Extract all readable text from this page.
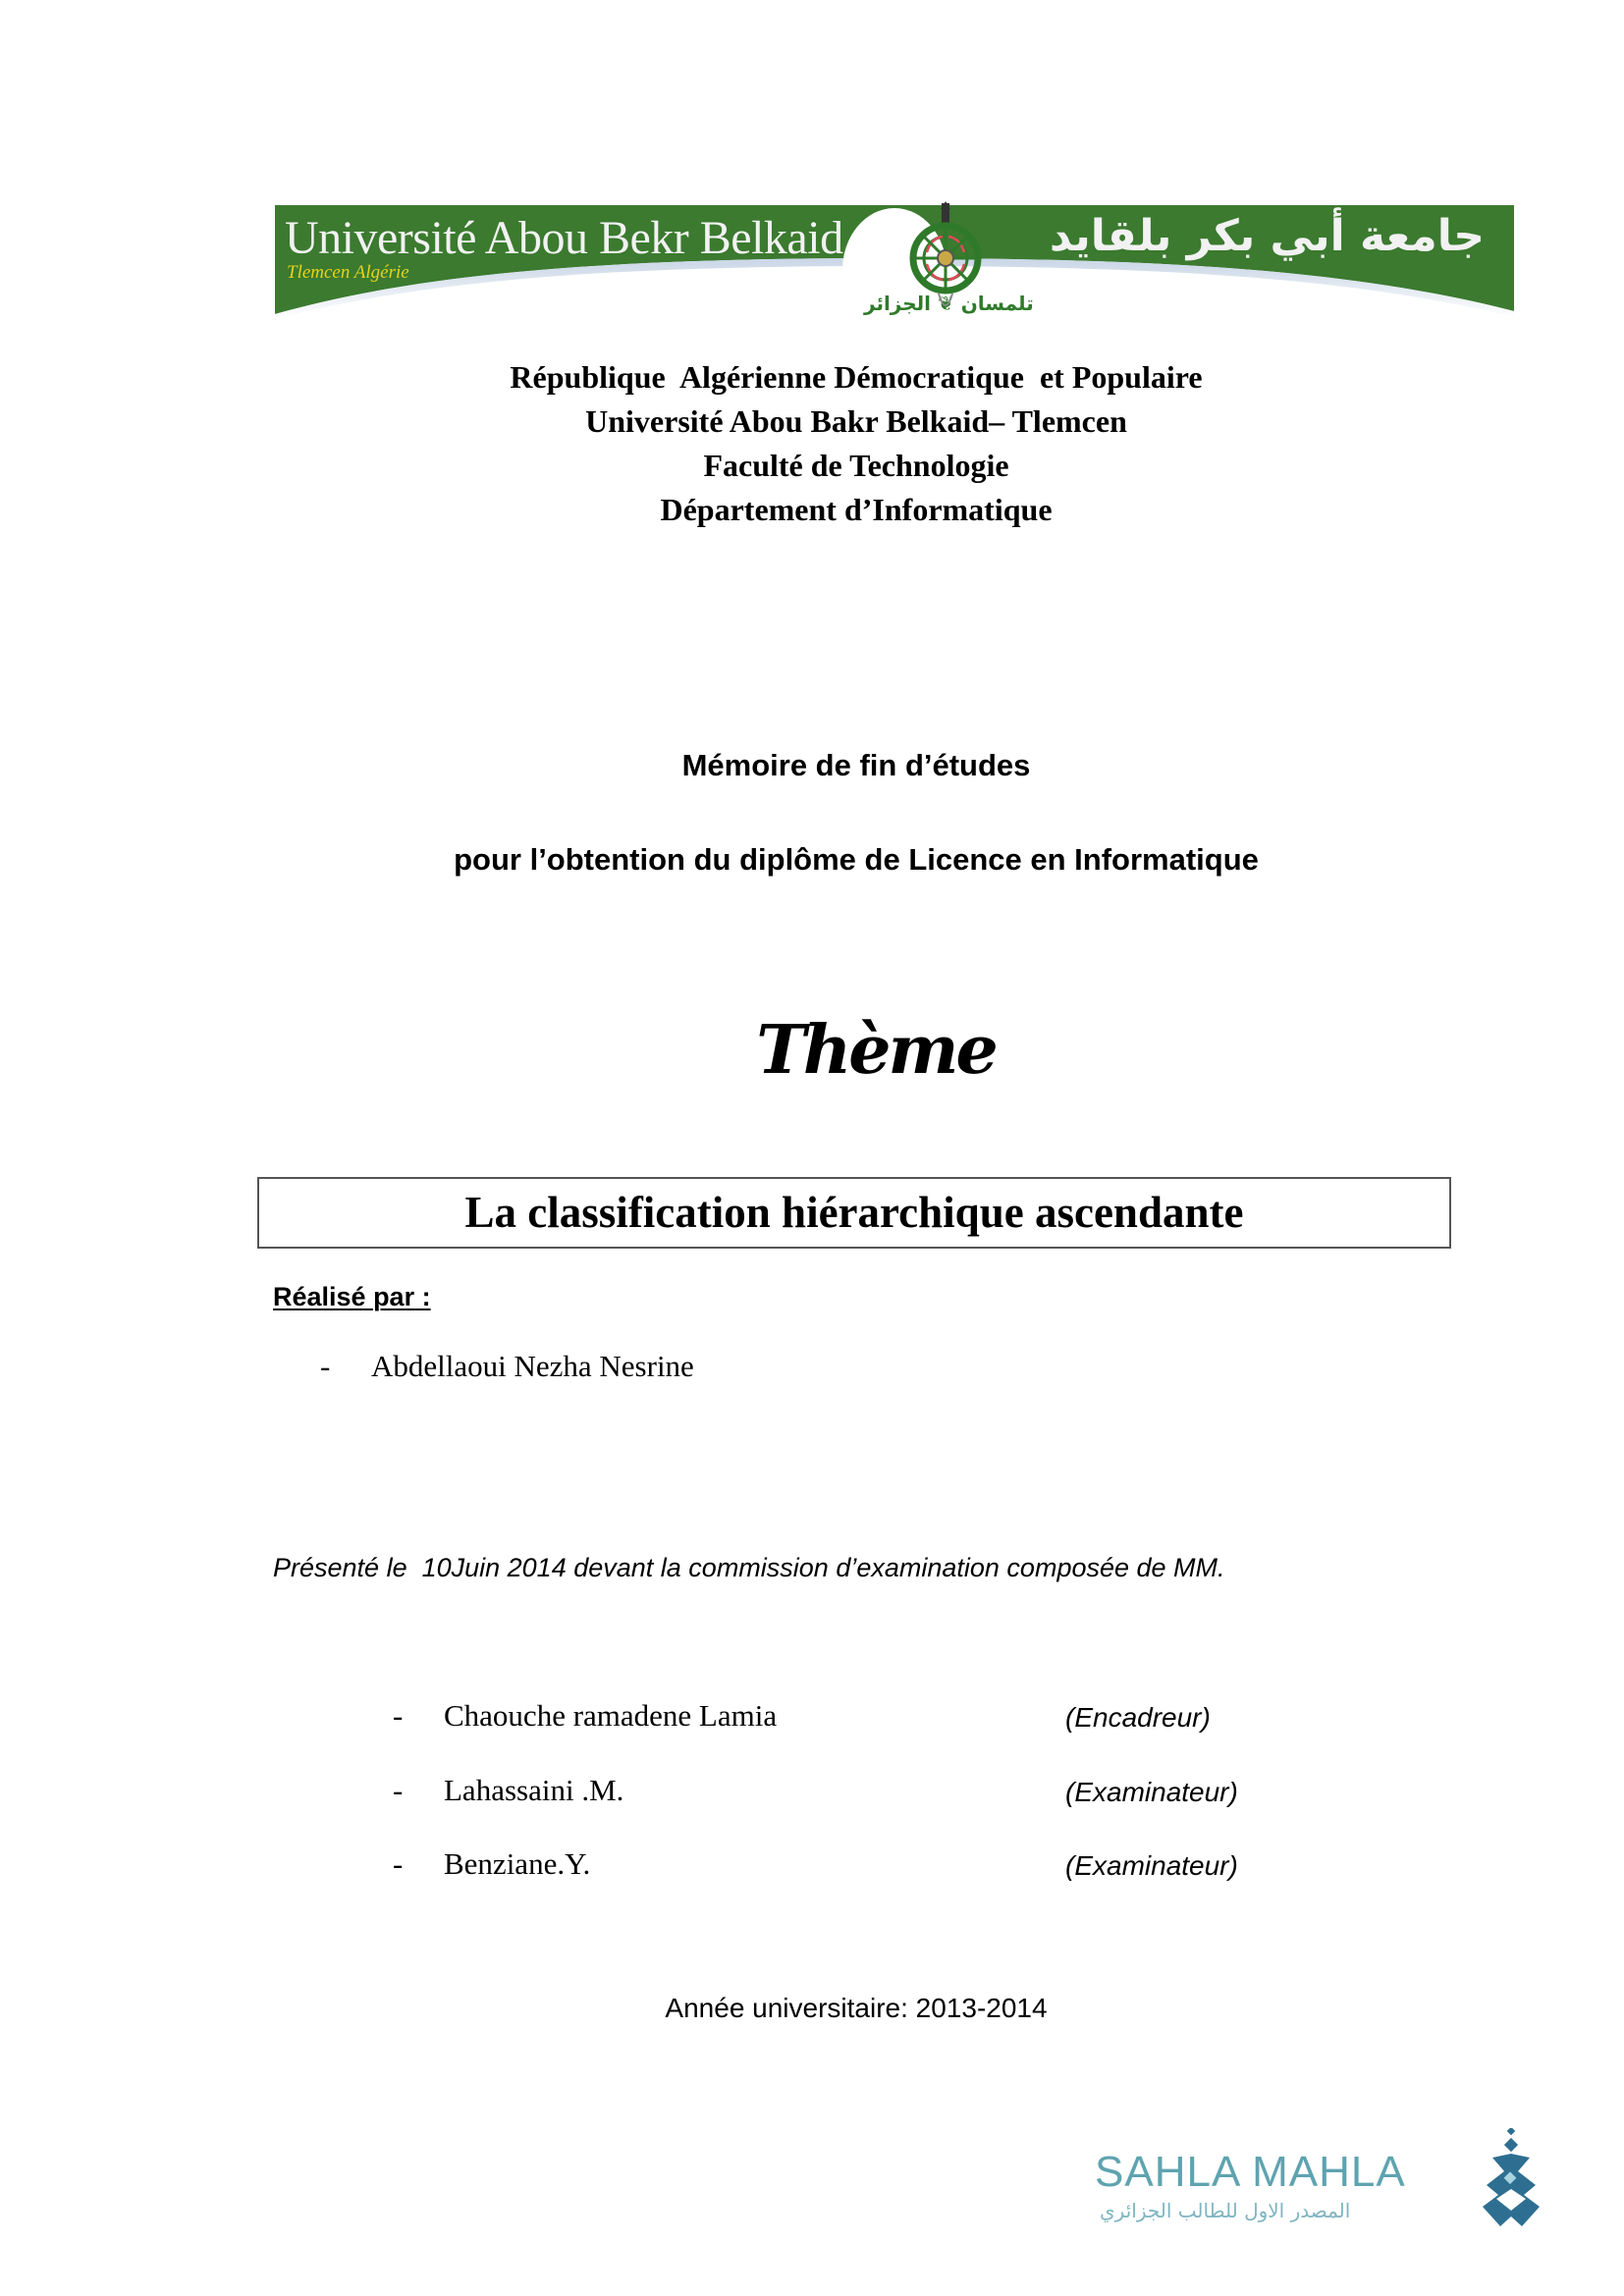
Université Abou Bekr Belkaid
Tlemcen Algérie
جامعة أبي بكر بلقايد
تلمسان ❦ الجزائر
République  Algérienne Démocratique  et Populaire
Université Abou Bakr Belkaid– Tlemcen
Faculté de Technologie
Département d’Informatique
Mémoire de fin d’études
pour l’obtention du diplôme de Licence en Informatique
Thème
La classification hiérarchique ascendante
Réalisé par :
- Abdellaoui Nezha Nesrine
Présenté le  10Juin 2014 devant la commission d’examination composée de MM.
- Chaouche ramadene Lamia	(Encadreur)
- Lahassaini .M.	(Examinateur)
- Benziane.Y.	(Examinateur)
Année universitaire: 2013-2014
SAHLA MAHLA
المصدر الاول للطالب الجزائري
